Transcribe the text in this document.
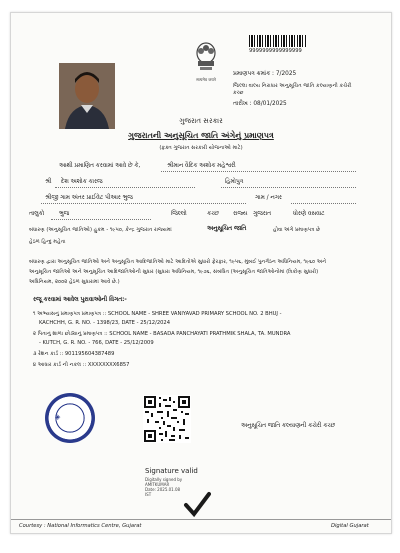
सत्यमेव जयते
9999999999999999
પ્રમાણપત્ર ક્રમાંક : 7/2025
જિલ્લા વાલ્ય નિરાધાર અનુસૂચિત જાતિ કલ્યાણની કચેરી કચ્છ
તારીખ : 08/01/2025
ગુજરાત સરકાર
ગુજરાતની અનુસૂચિત જાતિ અંગેનું પ્રમાણપત્ર
(ફક્ત ગુજરાત સરકારી યોજનાઓ માટે)
આથી પ્રમાણિત કરવામાં આવે છે કે,	શ્રીમાન વૈદિક અશોક મહેશ્વરી
શ્રી દેશ અશોક કારજ઼	હિમોપુત્ર
શ્રીજી ગામ અંતર પ્રાઈવેટ પીઆર ભુજ	ગામ / નગર
તાલુકો	ભુજ	જિલ્લો	કચ્છ રાજ્ય ગુજરાત	ધોરણે વસવાટ
બંધારણ (અનુસૂચિત જાતિઓ) હુકમ - ૧૯૫૦, કેન્દ્ર ગુજરાત રાજ્યમાં	અનુસૂચિત જાતિ	હોવા અંગે પ્રમાણપત્ર છે
હેઠળ હિન્દુ મહેતા
બંધારણ દ્વારા અનુસૂચિત જાતિઓ અને અનુસૂચિત આદિજાતિઓ માટે આદિતોએ સુધારો ફેરફાર, ૧૯૫૬, મુંબઈ પુનર્ગઠન અધિનિયમ, ૧૯૬૦ અને
અનુસૂચિત જાતિઓ અને અનુસૂચિત આદિજાતિઓની સુધાર (સુધારા અધિનિયમ, ૧૯૭૬, સંબંધિત (અનુસૂચિત જાતિઓનોમાં (ત્રિકોણ સુધારો)
અધિનિયમ, ૨૦૦૨ હેઠળ સુધારામાં આવે છે.)
રજૂ કરવામાં આવેલ પુરાવાઓની વિગત:-
૧ અભ્યાસનું પ્રમાણપત્ર પ્રમાણપત્ર :: SCHOOL NAME - SHREE VANIYAVAD PRIMARY SCHOOL NO. 2 BHUJ -
KACHCHH, G. R. NO. - 1398/23, DATE - 25/12/2024
૨ પિતાનું શાળા છોડ્યાનું પ્રમાણપત્ર :: SCHOOL NAME - BASADA PANCHAYATI PRATHMIK SHALA, TA. MUNDRA
- KUTCH, G. R. NO. - 766, DATE - 25/12/2009
૩ રેશન કાર્ડ :: 901195604387489
૪ આધાર કાર્ડ ની નકલ :: XXXXXXXX6857
◈
અનુસૂચિત જાતિ કલ્યાણની કચેરી કચ્છ
Signature valid
Digitally signed by
AMITKUMAR
Date: 2025.01.08
IST
Courtesy : National Informatics Centre, Gujarat	Digital Gujarat
